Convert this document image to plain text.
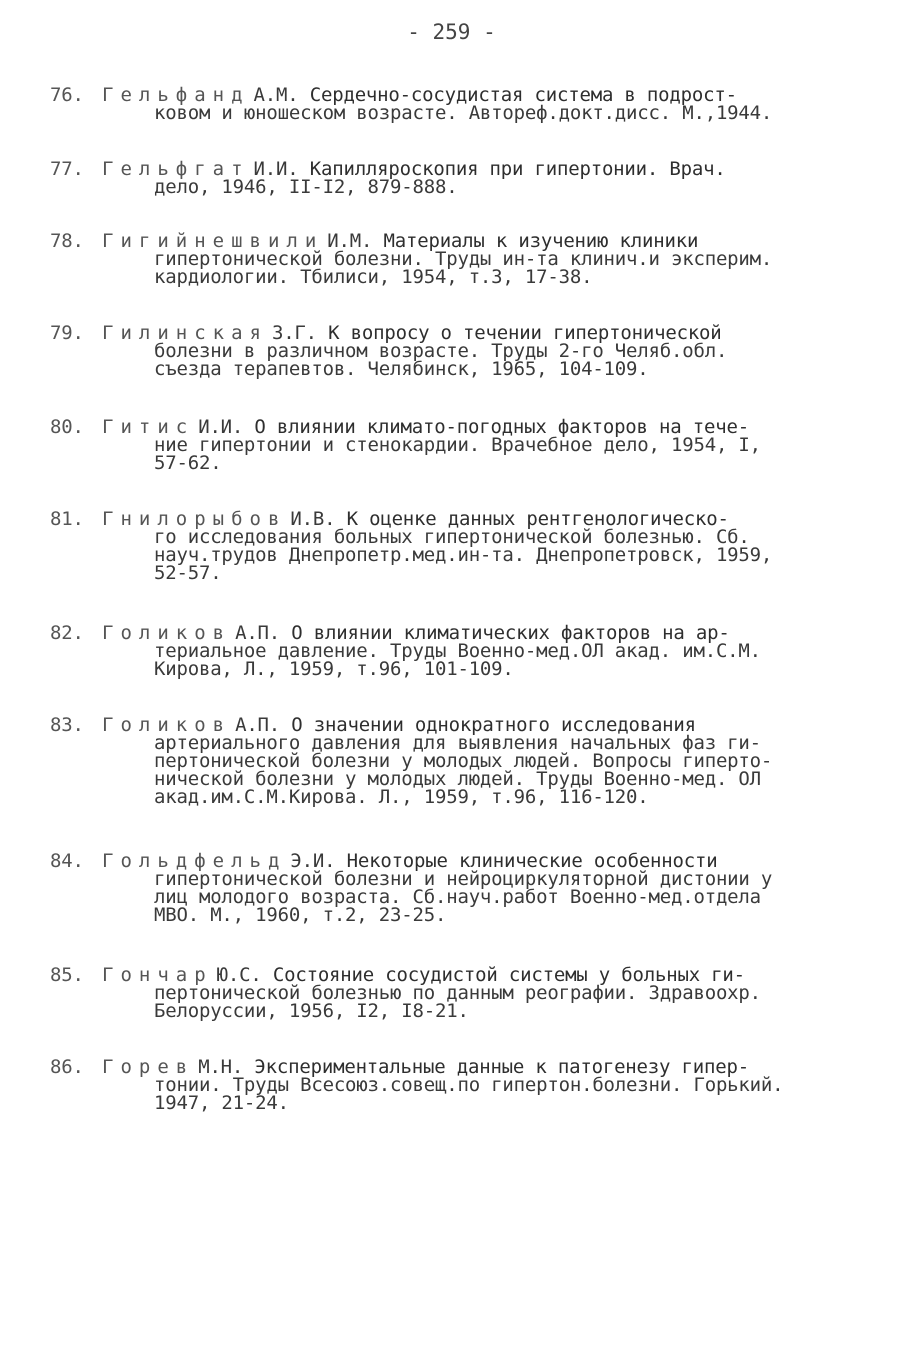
- 259 -
76. Гельфанд А.М. Сердечно-сосудистая система в подрост-
ковом и юношеском возрасте. Автореф.докт.дисс. М.,1944.
77. Гельфгат И.И. Капилляроскопия при гипертонии. Врач.
дело, 1946, II-I2, 879-888.
78. Гигийнешвили И.М. Материалы к изучению клиники
гипертонической болезни. Труды ин-та клинич.и эксперим.
кардиологии. Тбилиси, 1954, т.3, 17-38.
79. Гилинская З.Г. К вопросу о течении гипертонической
болезни в различном возрасте. Труды 2-го Челяб.обл.
съезда терапевтов. Челябинск, 1965, 104-109.
80. Гитис И.И. О влиянии климато-погодных факторов на тече-
ние гипертонии и стенокардии. Врачебное дело, 1954, I,
57-62.
81. Гнилорыбов И.В. К оценке данных рентгенологическо-
го исследования больных гипертонической болезнью. Сб.
науч.трудов Днепропетр.мед.ин-та. Днепропетровск, 1959,
52-57.
82. Голиков А.П. О влиянии климатических факторов на ар-
териальное давление. Труды Военно-мед.ОЛ акад. им.С.М.
Кирова, Л., 1959, т.96, 101-109.
83. Голиков А.П. О значении однократного исследования
артериального давления для выявления начальных фаз ги-
пертонической болезни у молодых людей. Вопросы гиперто-
нической болезни у молодых людей. Труды Военно-мед. ОЛ
акад.им.С.М.Кирова. Л., 1959, т.96, 116-120.
84. Гольдфельд Э.И. Некоторые клинические особенности
гипертонической болезни и нейроциркуляторной дистонии у
лиц молодого возраста. Сб.науч.работ Военно-мед.отдела
МВО. М., 1960, т.2, 23-25.
85. Гончар Ю.С. Состояние сосудистой системы у больных ги-
пертонической болезнью по данным реографии. Здравоохр.
Белоруссии, 1956, I2, I8-21.
86. Горев М.Н. Экспериментальные данные к патогенезу гипер-
тонии. Труды Всесоюз.совещ.по гипертон.болезни. Горький.
1947, 21-24.
